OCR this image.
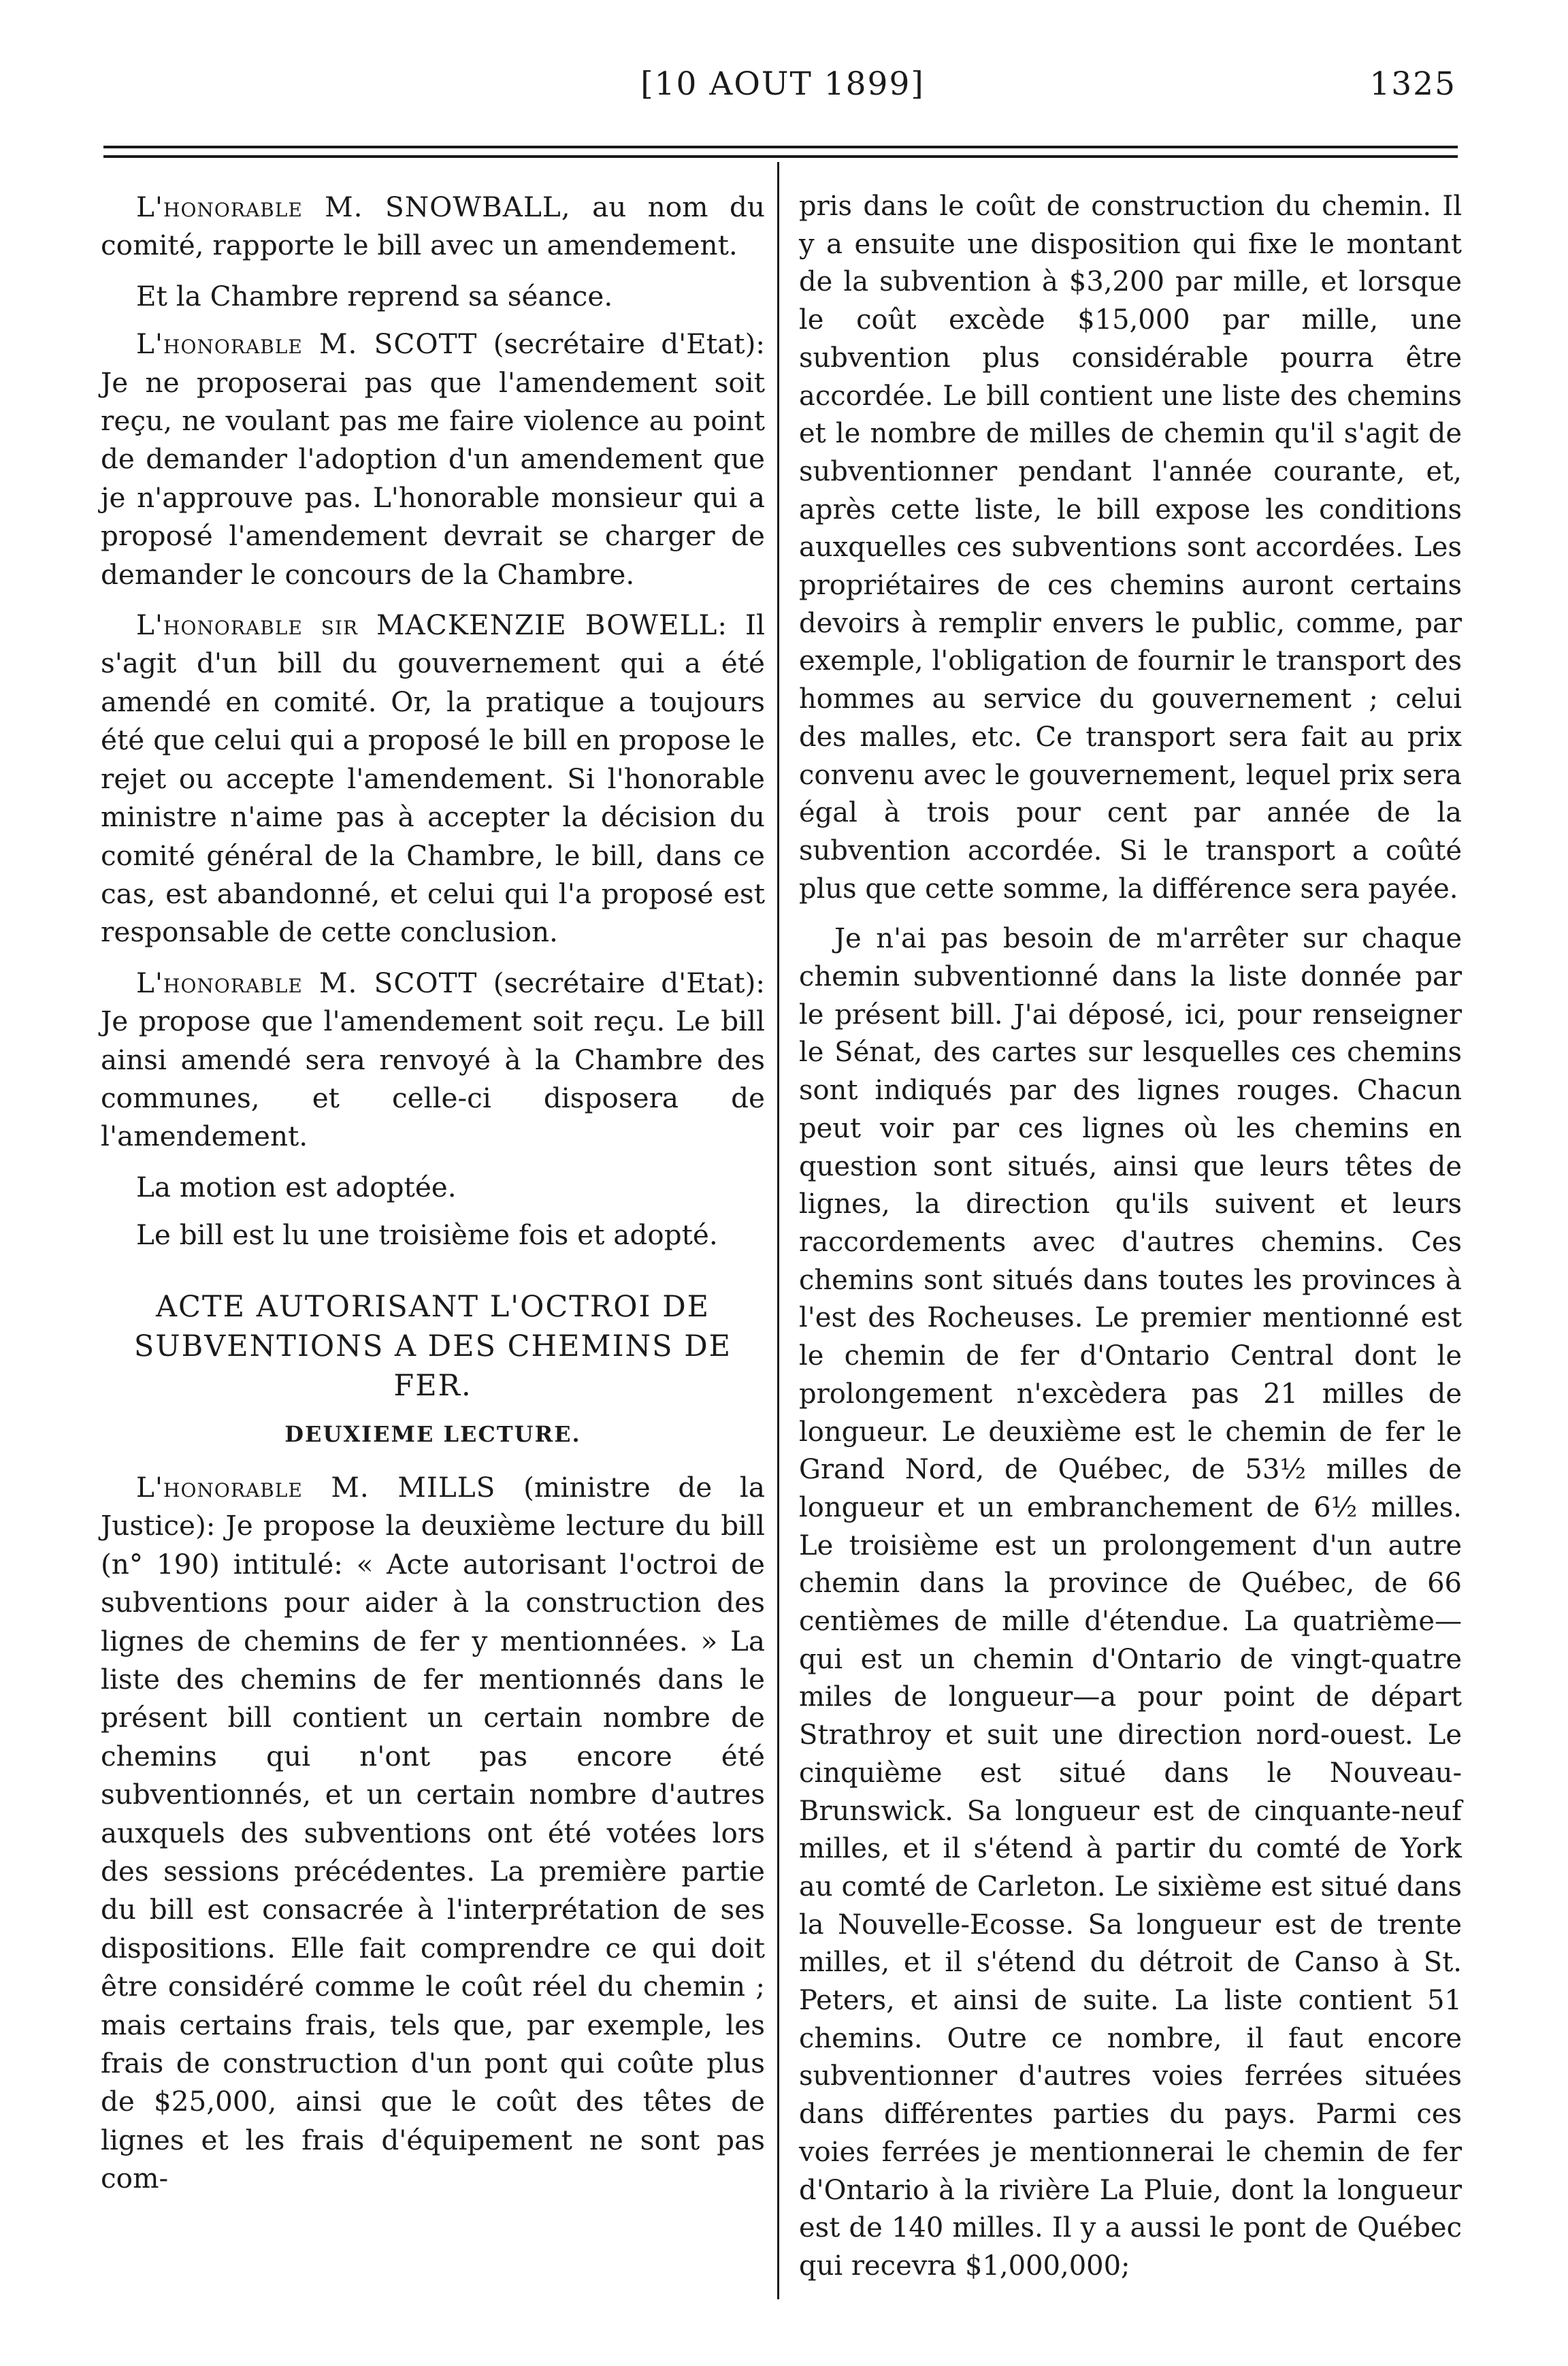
[10 AOUT 1899]	1325

L'honorable M. SNOWBALL, au nom du comité, rapporte le bill avec un amendement.

Et la Chambre reprend sa séance.

L'honorable M. SCOTT (secrétaire d'Etat): Je ne proposerai pas que l'amendement soit reçu, ne voulant pas me faire violence au point de demander l'adoption d'un amendement que je n'approuve pas. L'honorable monsieur qui a proposé l'amendement devrait se charger de demander le concours de la Chambre.

L'honorable sir MACKENZIE BOWELL: Il s'agit d'un bill du gouvernement qui a été amendé en comité. Or, la pratique a toujours été que celui qui a proposé le bill en propose le rejet ou accepte l'amendement. Si l'honorable ministre n'aime pas à accepter la décision du comité général de la Chambre, le bill, dans ce cas, est abandonné, et celui qui l'a proposé est responsable de cette conclusion.

L'honorable M. SCOTT (secrétaire d'Etat): Je propose que l'amendement soit reçu. Le bill ainsi amendé sera renvoyé à la Chambre des communes, et celle-ci disposera de l'amendement.

La motion est adoptée.

Le bill est lu une troisième fois et adopté.

ACTE AUTORISANT L'OCTROI DE SUBVENTIONS A DES CHEMINS DE FER.
DEUXIEME LECTURE.

L'honorable M. MILLS (ministre de la Justice): Je propose la deuxième lecture du bill (n° 190) intitulé: « Acte autorisant l'octroi de subventions pour aider à la construction des lignes de chemins de fer y mentionnées. » La liste des chemins de fer mentionnés dans le présent bill contient un certain nombre de chemins qui n'ont pas encore été subventionnés, et un certain nombre d'autres auxquels des subventions ont été votées lors des sessions précédentes. La première partie du bill est consacrée à l'interprétation de ses dispositions. Elle fait comprendre ce qui doit être considéré comme le coût réel du chemin ; mais certains frais, tels que, par exemple, les frais de construction d'un pont qui coûte plus de $25,000, ainsi que le coût des têtes de lignes et les frais d'équipement ne sont pas com-

pris dans le coût de construction du chemin. Il y a ensuite une disposition qui fixe le montant de la subvention à $3,200 par mille, et lorsque le coût excède $15,000 par mille, une subvention plus considérable pourra être accordée. Le bill contient une liste des chemins et le nombre de milles de chemin qu'il s'agit de subventionner pendant l'année courante, et, après cette liste, le bill expose les conditions auxquelles ces subventions sont accordées. Les propriétaires de ces chemins auront certains devoirs à remplir envers le public, comme, par exemple, l'obligation de fournir le transport des hommes au service du gouvernement ; celui des malles, etc. Ce transport sera fait au prix convenu avec le gouvernement, lequel prix sera égal à trois pour cent par année de la subvention accordée. Si le transport a coûté plus que cette somme, la différence sera payée.

Je n'ai pas besoin de m'arrêter sur chaque chemin subventionné dans la liste donnée par le présent bill. J'ai déposé, ici, pour renseigner le Sénat, des cartes sur lesquelles ces chemins sont indiqués par des lignes rouges. Chacun peut voir par ces lignes où les chemins en question sont situés, ainsi que leurs têtes de lignes, la direction qu'ils suivent et leurs raccordements avec d'autres chemins. Ces chemins sont situés dans toutes les provinces à l'est des Rocheuses. Le premier mentionné est le chemin de fer d'Ontario Central dont le prolongement n'excèdera pas 21 milles de longueur. Le deuxième est le chemin de fer le Grand Nord, de Québec, de 53½ milles de longueur et un embranchement de 6½ milles. Le troisième est un prolongement d'un autre chemin dans la province de Québec, de 66 centièmes de mille d'étendue. La quatrième—qui est un chemin d'Ontario de vingt-quatre miles de longueur—a pour point de départ Strathroy et suit une direction nord-ouest. Le cinquième est situé dans le Nouveau-Brunswick. Sa longueur est de cinquante-neuf milles, et il s'étend à partir du comté de York au comté de Carleton. Le sixième est situé dans la Nouvelle-Ecosse. Sa longueur est de trente milles, et il s'étend du détroit de Canso à St. Peters, et ainsi de suite. La liste contient 51 chemins. Outre ce nombre, il faut encore subventionner d'autres voies ferrées situées dans différentes parties du pays. Parmi ces voies ferrées je mentionnerai le chemin de fer d'Ontario à la rivière La Pluie, dont la longueur est de 140 milles. Il y a aussi le pont de Québec qui recevra $1,000,000;
